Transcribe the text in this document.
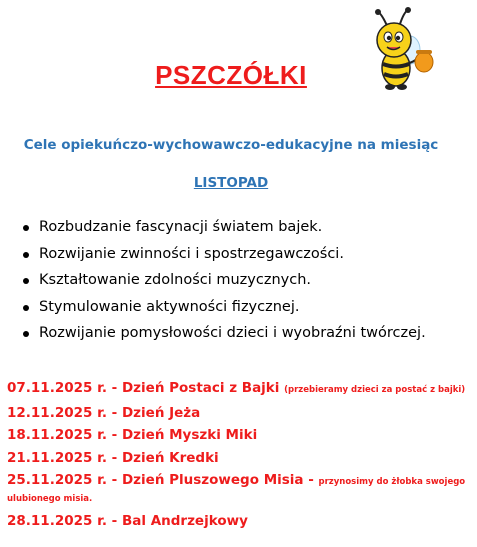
PSZCZÓŁKI
Cele opiekuńczo-wychowawczo-edukacyjne na miesiąc
LISTOPAD
Rozbudzanie fascynacji światem bajek.
Rozwijanie zwinności i spostrzegawczości.
Kształtowanie zdolności muzycznych.
Stymulowanie aktywności fizycznej.
Rozwijanie pomysłowości dzieci i wyobraźni twórczej.
07.11.2025 r. - Dzień Postaci z Bajki (przebieramy dzieci za postać z bajki)
12.11.2025 r. - Dzień Jeża
18.11.2025 r. - Dzień Myszki Miki
21.11.2025 r. - Dzień Kredki
25.11.2025 r. - Dzień Pluszowego Misia - przynosimy do żłobka swojego ulubionego misia.
28.11.2025 r. - Bal Andrzejkowy
